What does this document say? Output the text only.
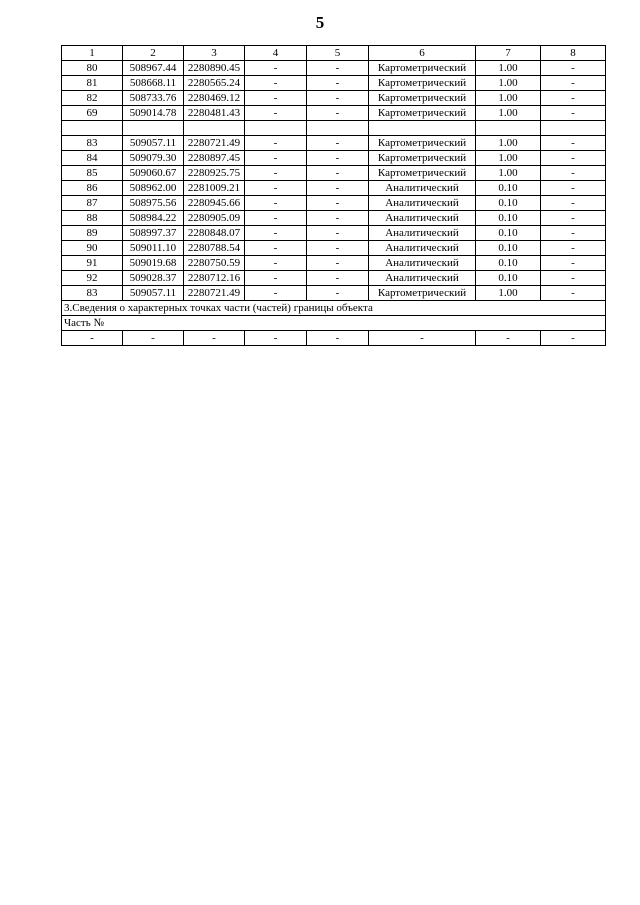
5
1	2	3	4	5	6	7	8
80	508967.44	2280890.45	-	-	Картометрический	1.00	-
81	508668.11	2280565.24	-	-	Картометрический	1.00	-
82	508733.76	2280469.12	-	-	Картометрический	1.00	-
69	509014.78	2280481.43	-	-	Картометрический	1.00	-

83	509057.11	2280721.49	-	-	Картометрический	1.00	-
84	509079.30	2280897.45	-	-	Картометрический	1.00	-
85	509060.67	2280925.75	-	-	Картометрический	1.00	-
86	508962.00	2281009.21	-	-	Аналитический	0.10	-
87	508975.56	2280945.66	-	-	Аналитический	0.10	-
88	508984.22	2280905.09	-	-	Аналитический	0.10	-
89	508997.37	2280848.07	-	-	Аналитический	0.10	-
90	509011.10	2280788.54	-	-	Аналитический	0.10	-
91	509019.68	2280750.59	-	-	Аналитический	0.10	-
92	509028.37	2280712.16	-	-	Аналитический	0.10	-
83	509057.11	2280721.49	-	-	Картометрический	1.00	-
3.Сведения о характерных точках части (частей) границы объекта							
Часть №							
-	-	-	-	-	-	-	-
